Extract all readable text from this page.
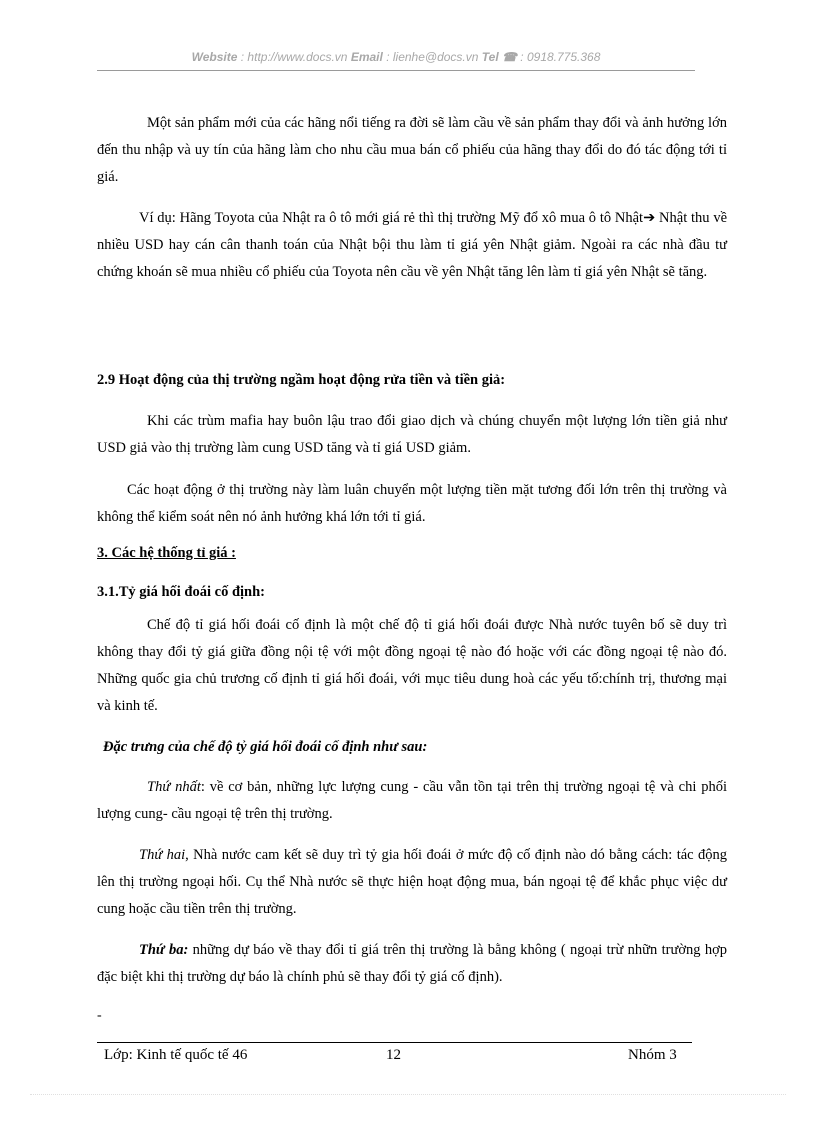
Website : http://www.docs.vn Email : lienhe@docs.vn Tel ☎ : 0918.775.368

Một sản phẩm mới của các hãng nổi tiếng ra đời sẽ làm cầu về sản phẩm thay đổi và ảnh hưởng lớn đến thu nhập và uy tín của hãng làm cho nhu cầu mua bán cổ phiếu của hãng thay đổi do đó tác động tới tỉ giá.

Ví dụ: Hãng Toyota của Nhật ra ô tô mới giá rẻ thì thị trường Mỹ đổ xô mua ô tô Nhật➔ Nhật thu về nhiều USD hay cán cân thanh toán của Nhật bội thu làm tỉ giá yên Nhật giảm. Ngoài ra các nhà đầu tư chứng khoán sẽ mua nhiều cổ phiếu của Toyota nên cầu về yên Nhật tăng lên làm tỉ giá yên Nhật sẽ tăng.

2.9 Hoạt động của thị trường ngầm hoạt động rửa tiền và tiền giả:

Khi các trùm mafia hay buôn lậu trao đổi giao dịch và chúng chuyển một lượng lớn tiền giả như USD giả vào thị trường làm cung USD tăng và tỉ giá USD giảm.

Các hoạt động ở thị trường này làm luân chuyển một lượng tiền mặt tương đối lớn trên thị trường và không thể kiểm soát nên nó ảnh hưởng khá lớn tới tỉ giá.

3. Các hệ thống tỉ giá :

3.1.Tỷ giá hối đoái cố định:

Chế độ tỉ giá hối đoái cố định là một chế độ tỉ giá hối đoái được Nhà nước tuyên bố sẽ duy trì không thay đổi tỷ giá giữa đồng nội tệ với một đồng ngoại tệ nào đó hoặc với các đồng ngoại tệ nào đó. Những quốc gia chủ trương cố định tỉ giá hối đoái, với mục tiêu dung hoà các yếu tố:chính trị, thương mại và kinh tế.

Đặc trưng của chế độ tỷ giá hối đoái cố định như sau:

Thứ nhất: về cơ bản, những lực lượng cung - cầu vẫn tồn tại trên thị trường ngoại tệ và chi phối lượng cung- cầu ngoại tệ trên thị trường.

Thứ hai, Nhà nước cam kết sẽ duy trì tỷ gia hối đoái ở mức độ cố định nào dó bằng cách: tác động lên thị trường ngoại hối. Cụ thể Nhà nước sẽ thực hiện hoạt động mua, bán ngoại tệ để khắc phục việc dư cung hoặc cầu tiền trên thị trường.

Thứ ba: những dự báo về thay đổi tỉ giá trên thị trường là bằng không ( ngoại trừ nhữn trường hợp đặc biệt khi thị trường dự báo là chính phủ sẽ thay đổi tỷ giá cố định).

-
Lớp: Kinh tế quốc tế 46	12	Nhóm 3
